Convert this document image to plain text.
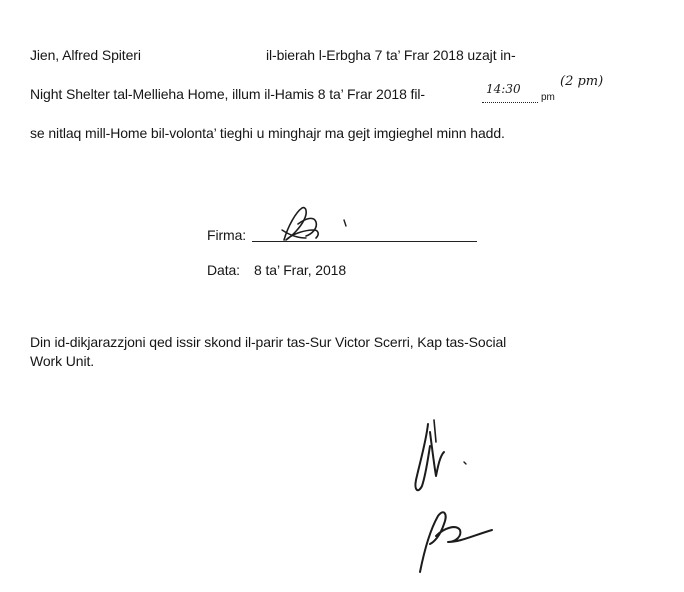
Jien, Alfred Spiteri	il-bierah l-Erbgha 7 ta’ Frar 2018 uzajt in-

Night Shelter tal-Mellieha Home, illum il-Hamis 8 ta’ Frar 2018 fil-	14:30
pm
(2 pm)

se nitlaq mill-Home bil-volonta’ tieghi u minghajr ma gejt imgieghel minn hadd.

Firma:

Data: 8 ta’ Frar, 2018

Din id-dikjarazzjoni qed issir skond il-parir tas-Sur Victor Scerri, Kap tas-Social

Work Unit.
